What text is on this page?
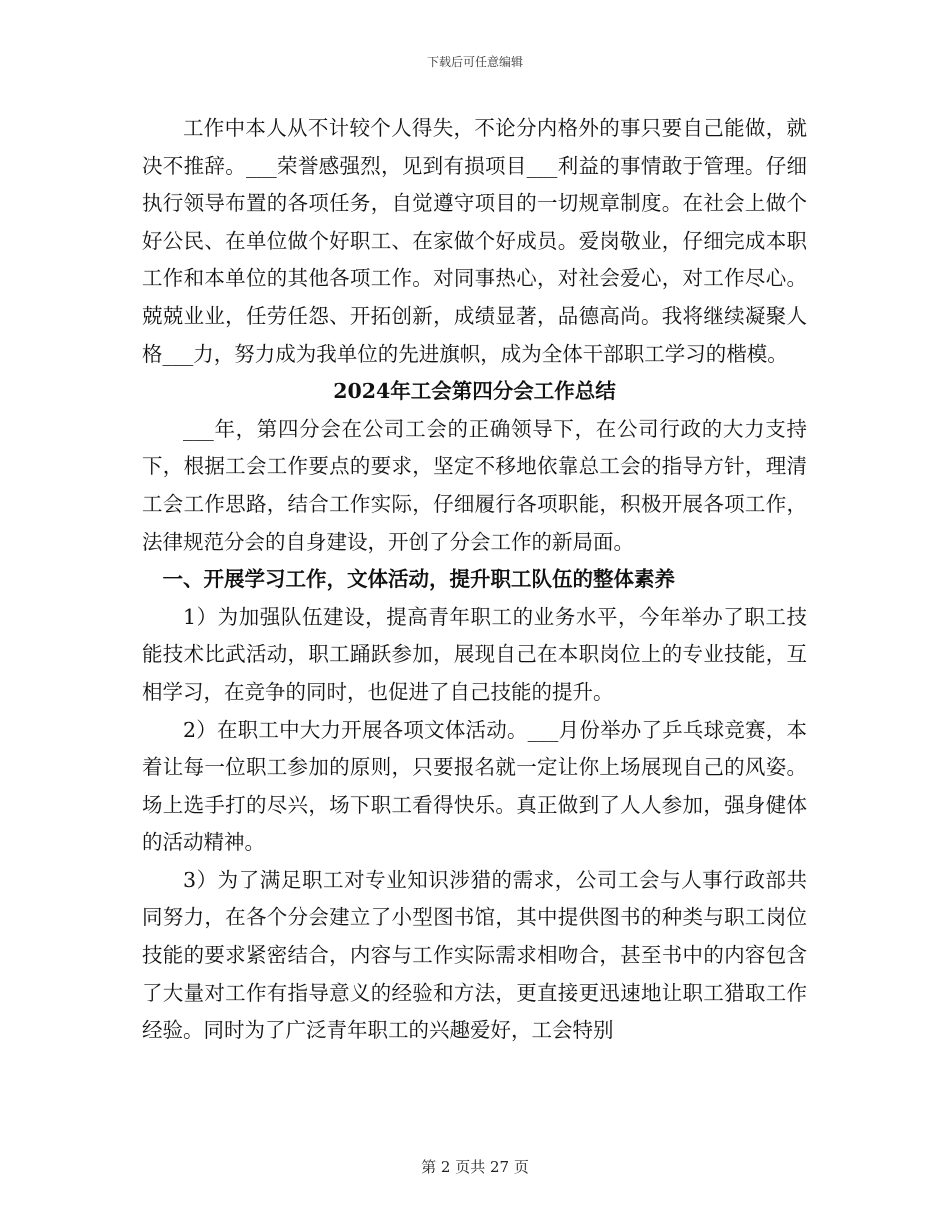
下载后可任意编辑

工作中本人从不计较个人得失，不论分内格外的事只要自己能做，就决不推辞。___荣誉感强烈，见到有损项目___利益的事情敢于管理。仔细执行领导布置的各项任务，自觉遵守项目的一切规章制度。在社会上做个好公民、在单位做个好职工、在家做个好成员。爱岗敬业，仔细完成本职工作和本单位的其他各项工作。对同事热心，对社会爱心，对工作尽心。兢兢业业，任劳任怨、开拓创新，成绩显著，品德高尚。我将继续凝聚人格___力，努力成为我单位的先进旗帜，成为全体干部职工学习的楷模。

2024年工会第四分会工作总结

___年，第四分会在公司工会的正确领导下，在公司行政的大力支持下，根据工会工作要点的要求，坚定不移地依靠总工会的指导方针，理清工会工作思路，结合工作实际，仔细履行各项职能，积极开展各项工作，法律规范分会的自身建设，开创了分会工作的新局面。

一、开展学习工作，文体活动，提升职工队伍的整体素养

1）为加强队伍建设，提高青年职工的业务水平，今年举办了职工技能技术比武活动，职工踊跃参加，展现自己在本职岗位上的专业技能，互相学习，在竞争的同时，也促进了自己技能的提升。

2）在职工中大力开展各项文体活动。___月份举办了乒乓球竞赛，本着让每一位职工参加的原则，只要报名就一定让你上场展现自己的风姿。场上选手打的尽兴，场下职工看得快乐。真正做到了人人参加，强身健体的活动精神。

3）为了满足职工对专业知识涉猎的需求，公司工会与人事行政部共同努力，在各个分会建立了小型图书馆，其中提供图书的种类与职工岗位技能的要求紧密结合，内容与工作实际需求相吻合，甚至书中的内容包含了大量对工作有指导意义的经验和方法，更直接更迅速地让职工猎取工作经验。同时为了广泛青年职工的兴趣爱好，工会特别

第 2 页共 27 页
